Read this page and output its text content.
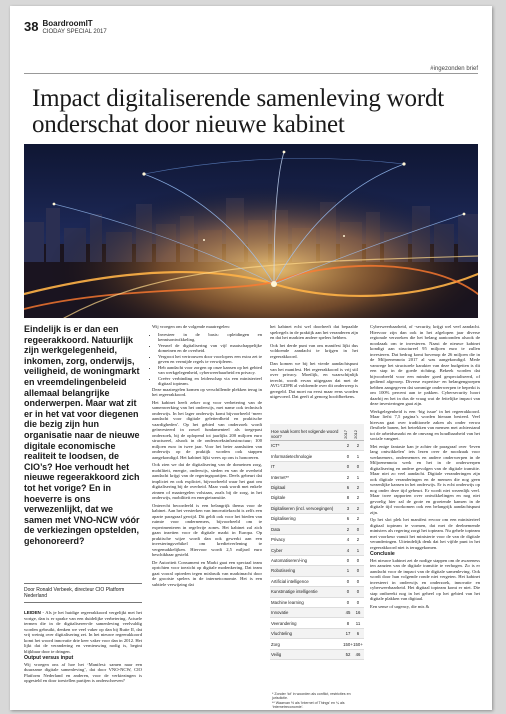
38 BoardroomIT
CIODAY SPECIAL 2017
#ingezonden brief
Impact digitaliserende samenleving wordt onderschat door nieuwe kabinet
Eindelijk is er dan een regeerakkoord. Natuurlijk zijn werkgelegenheid, inkomen, zorg, onderwijs, veiligheid, de woningmarkt en vreemdelingenbeleid allemaal belangrijke onderwerpen. Maar wat zit er in het vat voor diegenen die bezig zijn hun organisatie naar de nieuwe digitale economische realiteit te loodsen, de CIO’s? Hoe verhoudt het nieuwe regeerakkoord zich tot het vorige? En in hoeverre is ons verwezenlijkt, dat we samen met VNO-NCW vóór de verkiezingen opstelden, gehonoreerd?
Door Ronald Verbeek, directeur CIO Platform Nederland

LEIDEN - Als je het huidige regeerakkoord vergelijkt met het vorige, dan is er sprake van een duidelijke verbetering. Actuele termen die in de digitaliseren-de samenleving veelvuldig worden gebruikt, denken we veel vaker op dan bij Rutte II, dat vrij weinig over digitalisering zei. In het nieuwe regeerakkoord komt het woord innovatie drie keer vaker voor dan in 2012. Het lijkt dat de verandering en vernieuwing nodig is, begint blijkbaar door te dringen.

Output versus input

Wij vroegen ons af hoe het ‘Manifest: samen naar een duurzame digitale samenleving’, dat door VNO-NCW, CIO Platform Nederland en anderen, voor de verkiezingen is opgesteld en door toestellen partijen is onderschreven?

Wij vroegen om de volgende maatregelen:

• Investeer in de basis: opleidingen en kennisontwikkeling.
• Versnel de digitalisering van vijf maatschappelijke domeinen en de overheid.
• Vergroot het vertrouwen door voorlopers een extra zet te geven en vermijde regels te verwijderen.
• Heb aandacht voor zorgen op onze kansen op het gebied van werkgelegenheid, cyberweerbaarheid en privacy.
• Creëer verbinding en leiderschap via een ministerieel digitaal topteam.

Deze maatregelen komen op verschillende plekken terug in het regeerakkoord.

Het kabinet heeft zeker oog voor verbetering van de samenwerking van het onderwijs, met name ook technisch onderwijs. In het lager onderwijs komt bijvoorbeeld ‘meer aandacht voor digitale geletterdheid en praktische vaardigheden’. Op het gebied van onderzoek wordt geïnvesteerd in zowel fundamenteel als toegepast onderzoek, bij de oplopend tot jaarlijks 200 miljoen euro structureel, alsook in de onderzoeksinfrastructuur; 100 miljoen euro in twee jaar. Voor het beter aansluiten van onderwijs op de praktijk worden ook stappen aangekondigd. Het kabinet lijkt vrees op ons is honoreren.

Ook zien we dat de digitalisering van de domeinen zorg, mobiliteit, energie, onderwijs, steden en van de overheid aandacht krijgt van de regeringspartijen. Deels gebeurt dat impliciet en ook expliciet, bijvoorbeeld waar het gaat om digitalisering bij de overheid. Maar vaak wordt met enkele zinnen of maatregelen volstaan, zoals bij de zorg, in het onderwijs, mobiliteit en energietransitie.

Onterecht beoordeeld is een belangrijk thema voor de kabinet. Aan het versterken van innovatiekracht is zelfs een aparte paragraaf gewijd. Dit geldt ook voor het bieden van ruimte voor ondernemers, bijvoorbeeld om te experimenteren in regelvrije zones. Het kabinet zal zich gaan inzetten voor de digitale markt in Europa. Op praktische wijze wordt dan ook gewerkt aan een investeringsvehikel om kredietverlening te vergemakkelijken. Hiervoor wordt 2,5 miljard euro beschikbaar gesteld.

De Autoriteit Consument en Markt gaat een speciaal team oprichten voor toezicht op digitale modenkering. Dat team gaat vooral optreden tegen misbruik van marktmacht door de grootste spelers in de internetconomie. Het is een subtiele verwijzing dat

het kabinet echt wel doorheeft dat bepaalde spelregels in de praktijk aan het veranderen zijn en dat het markten andere spelers hebben.

Ook het derde punt van ons manifest lijkt dus voldoende aandacht te krijgen in het regeerakkoord.

Dan komen we bij het vierde aandachtspunt van het manifest. Het regeerakkoord is vrij stil over privacy. Moeilijk, en waarschijnlijk terecht, wordt ervan uitgegaan dat met de AVG/GDPR al voldoende over dit onderwerp is geregeld. Dat moet nu eerst maar eens worden uitgevoerd. Dat geeft al genoeg hoofdbrekens.

Hoe vaak komt het volgende woord voor?	2017	2012
ICT*	2	2
Informatietechnologie	0	1
IT	0	0
Internet**	2	1
Digitaal	6	2
Digitale	8	2
Digitaliseren (incl. vervoegingen)	3	2
Digitalisering	6	2
Data	2	0
Privacy	4	2
Cyber	4	1
Automatiseren/-ing	0	0
Robotisering	1	0
Artificial intelligence	0	0
Kunstmatige intelligentie	0	0
Machine learning	0	0
Innovatie	45	16
Veerandering	8	11
Vluchteling	17	6
Zorg	150+ 150+
Veilig	52	46
* Zonder ‘ict’ in woorden als conflict, restricties en jurisdictie.
** Waarvan ½ als ‘Internet of Things’ en ¼ als ‘internetreconomie’.

Cyberweerbaarheid, of -security, krijgt wel veel aandacht. Hiervoor zijn dan ook in het afgelopen jaar diverse regionale verzoeken die het belang aantoonden alsook de noodzaak om te investeren. Naast de nieuwe kabinet kondigt aan structureel 95 miljoen euro te zullen investeren. Dat bedrag komt bovenop de 26 miljoen die in de Miljoenennota 2017 al was aangekondigd. Mede vanwege het structurele karakter van deze budgetten is dit een stap in de goede richting. Bekeek worden dat bijvoorbeeld voor een minder goed gespecialiseerd, of gediend afgeroep. Diverse expertise- en belangengroepen hebben aangegeven dat sommige onderwerpen te beperkt is om 100% percent aan te pakken. Cybersecurity hoort daarbij en het in dus de vraag wat de feitelijke impact van deze investeringen gaat zijn.

Werkgelegenheid is een ‘big issue’ in het regeerakkoord. Maar liefst 7,5 pagina’s worden hieraan besteed. Veel hiervan gaat over traditionele zaken als onder verwa flexibele banen, het betrekken van mensen met achterstand tot de arbeidsmarkt en de omvang en houdbaarheid van het sociale vangnet.

Met enige fantasie kan je achter de paragraaf over ‘leven lang ontwikkelen’ iets lezen over de noodzaak voor werknemers, ondernemers en andere onderwerpen in de Miljoenennota werk en het in de onderwerpen digitalisering en andere gevolgen van de digitale transitie. Maar niet zo veel aandacht. Digitale veranderingen zijn ook digitale veranderingen en de mensen die nog geen wezenlijke kansen in het onderwijs. Er is echt onderwijs op nog onder deze tijd gebeurt. Er wordt niet wezenlijk veel. Maar twee rapporten over ontwikkelingen en nog niet gevoelig hier zal de grote en groeiende kansen in de digitale tijd voorkomen ook een belangrijk aandachtspunt zijn.

Op het slot plek het manifest ervoor om een ministerieel digitaal topteam te vormen, dat met de deelnemende ministers als regering zorgt het topteam. Nu gehele topteam met voorkeur vanuit het ministerie voor de van de digitale veranderingen. Uiteindelijk denk dat het vijfde punt in het regeerakkoord niet is teruggekomen.

Conclusie

Het nieuwe kabinet zet de nodige stappen om de awareness ten aanzien van de digitale transitie te verhogen. Zo is er aandacht voor de impact van de digitale samenleving. Ook wordt door hun volgende ronde niet vergeten. Het kabinet investeert in onderwijs en onderzoek, innovatie en cyberweerbaarheid. Het digitaal topteam komt er niet. Die stap ontbreekt nog in het geheel op het gebied van het digitale plakken van digitaal.

Een sense of urgency, die mis &
